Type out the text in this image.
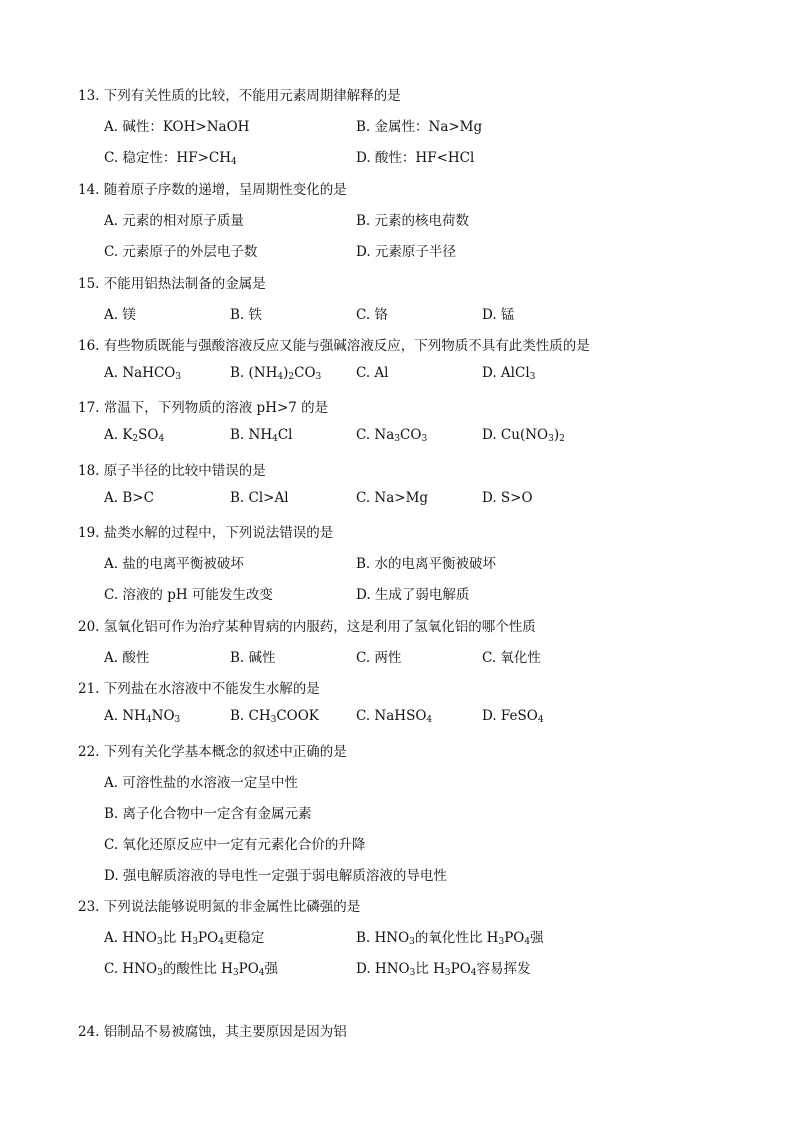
13. 下列有关性质的比较，不能用元素周期律解释的是
A. 碱性：KOH>NaOH	B. 金属性：Na>Mg
C. 稳定性：$HF>CH_4$	D. 酸性：HF<HCl
14. 随着原子序数的递增，呈周期性变化的是
A. 元素的相对原子质量	B. 元素的核电荷数
C. 元素原子的外层电子数	D. 元素原子半径
15. 不能用铝热法制备的金属是
A. 镁	B. 铁	C. 铬	D. 锰
16. 有些物质既能与强酸溶液反应又能与强碱溶液反应，下列物质不具有此类性质的是
A. NaHCO$_3$	B. $(NH_4)_2CO_3$	C. Al	D. AlCl$_3$
17. 常温下，下列物质的溶液 pH>7 的是
A. $K_2SO_4$	B. $NH_4Cl$	C. $Na_3CO_3$	D. $Cu(NO_3)_2$
18. 原子半径的比较中错误的是
A. B>C	B. Cl>Al	C. Na>Mg	D. S>O
19. 盐类水解的过程中，下列说法错误的是
A. 盐的电离平衡被破坏	B. 水的电离平衡被破坏
C. 溶液的 pH 可能发生改变	D. 生成了弱电解质
20. 氢氧化铝可作为治疗某种胃病的内服药，这是利用了氢氧化铝的哪个性质
A. 酸性	B. 碱性	C. 两性	C. 氧化性
21. 下列盐在水溶液中不能发生水解的是
A. $NH_4NO_3$	B. $CH_3COOK$	C. NaHSO$_4$	D. FeSO$_4$
22. 下列有关化学基本概念的叙述中正确的是
A. 可溶性盐的水溶液一定呈中性
B. 离子化合物中一定含有金属元素
C. 氧化还原反应中一定有元素化合价的升降
D. 强电解质溶液的导电性一定强于弱电解质溶液的导电性
23. 下列说法能够说明氮的非金属性比磷强的是
A. $HNO_3$比 $H_3PO_4$更稳定	B. $HNO_3$的氧化性比 $H_3PO_4$强
C. $HNO_3$的酸性比 $H_3PO_4$强	D. $HNO_3$比 $H_3PO_4$容易挥发
24. 铝制品不易被腐蚀，其主要原因是因为铝
